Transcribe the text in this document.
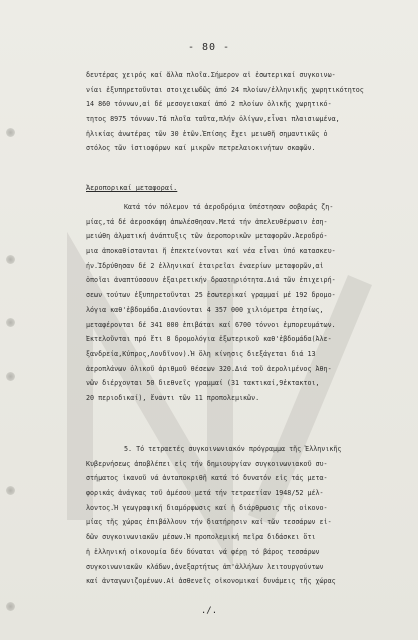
- 80 -
δευτέρας χειρός καί ἄλλα πλοῖα.Σήμερον αἱ ἐσωτερικαί συγκοινω-
νίαι ἐξυπηρετοῦνται στοιχειωδῶς ἀπό 24 πλοίων/ἐλληνικῆς χωρητικότητος
14 860 τόννων,αἱ δέ μεσογειακαί ἀπό 2 πλοίων ὁλικῆς χωρητικό-
τητος 8975 τόννων.Τά πλοῖα ταῦτα,πλήν ὀλίγων,εἶναι πλαισιωμένα,
ἡλικίας ἀνωτέρας τῶν 30 ἐτῶν.Ἐπίσης ἔχει μειωθῆ σημαντικῶς ὁ
στόλος τῶν ἰστιοφόρων καί μικρῶν πετρελαιοκινήτων σκαφῶν.
Ἀεροπορικαί μεταφοραί.
Κατά τόν πόλεμον τά ἀεροδρόμια ὑπέστησαν σοβαράς ζη-
μίας,τά δέ ἀεροσκάφη ἀπωλέσθησαν.Μετά τήν ἀπελευθέρωσιν ἐση-
μειώθη ἀλματική ἀνάπτυξις τῶν ἀεροπορικῶν μεταφορῶν.Ἀεροδρό-
μια ἀποκαθίστανται ἤ ἐπεκτείνονται καί νέα εἶναι ὑπό κατασκευ-
ήν.Ἱδρύθησαν δέ 2 ἑλληνικαί ἑταιρεῖαι ἐναερίων μεταφορῶν,αἱ
ὁποῖαι ἀναπτύσσουν ἐξαιρετικήν δραστηριότητα.Διά τῶν ἐπιχειρή-
σεων τούτων ἐξυπηρετοῦνται 25 ἐσωτερικαί γραμμαί μέ 192 δρομο-
λόγια καθ'ἑβδομάδα.Διανύονται 4 357 000 χιλιόμετρα ἐτησίως,
μεταφέρονται δέ 341 000 ἐπιβάται καί 6700 τόννοι ἐμπορευμάτων.
Ἐκτελοῦνται πρό ἔτι 8 δρομολόγια ἐξωτερικοῦ καθ'ἑβδομάδα(Ἀλε-
ξανδρεία,Κύπρος,Λονδῖνον).Ἡ ὅλη κίνησις διεξάγεται διά 13
ἀεροπλάνων ὁλικοῦ ἀριθμοῦ θέσεων 320.Διά τοῦ ἀερολιμένος Ἀθη-
νῶν διέρχονται 50 διεθνεῖς γραμμαί (31 τακτικαί,9ἐκτακτοι,
20 περιοδικαί), ἔναντι τῶν 11 προπολεμικῶν.
5. Τό τετραετές συγκοινωνιακόν πρόγραμμα τῆς Ἑλληνικῆς
Κυβερνήσεως ἀποβλέπει εἰς τήν δημιουργίαν συγκοινωνιακοῦ συ-
στήματος ἱκανοῦ νά ἀνταποκριθῆ κατά τό δυνατόν εἰς τάς μετα-
φορικάς ἀνάγκας τοῦ ἀμέσου μετά τήν τετραετίαν 1948/52 μέλ-
λοντος.Ἡ γεωγραφική διαμόρφωσις καί ἡ διάρθρωσις τῆς οἰκονο-
μίας τῆς χώρας ἐπιβάλλουν τήν διατήρησιν καί τῶν τεσσάρων εἰ-
δῶν συγκοινωνιακῶν μέσων.Ἡ προπολεμική πεῖρα διδάσκει ὅτι
ἡ ἑλληνική οἰκονομία δέν δύναται νά φέρῃ τό βάρος τεσσάρων
συγκοινωνιακῶν κλάδων,ἀνεξαρτήτως ἀπ'ἀλλήλων λειτουργούντων
καί ἀνταγωνιζομένων.Αἱ ἀσθενεῖς οἰκονομικαί δυνάμεις τῆς χώρας
./.
